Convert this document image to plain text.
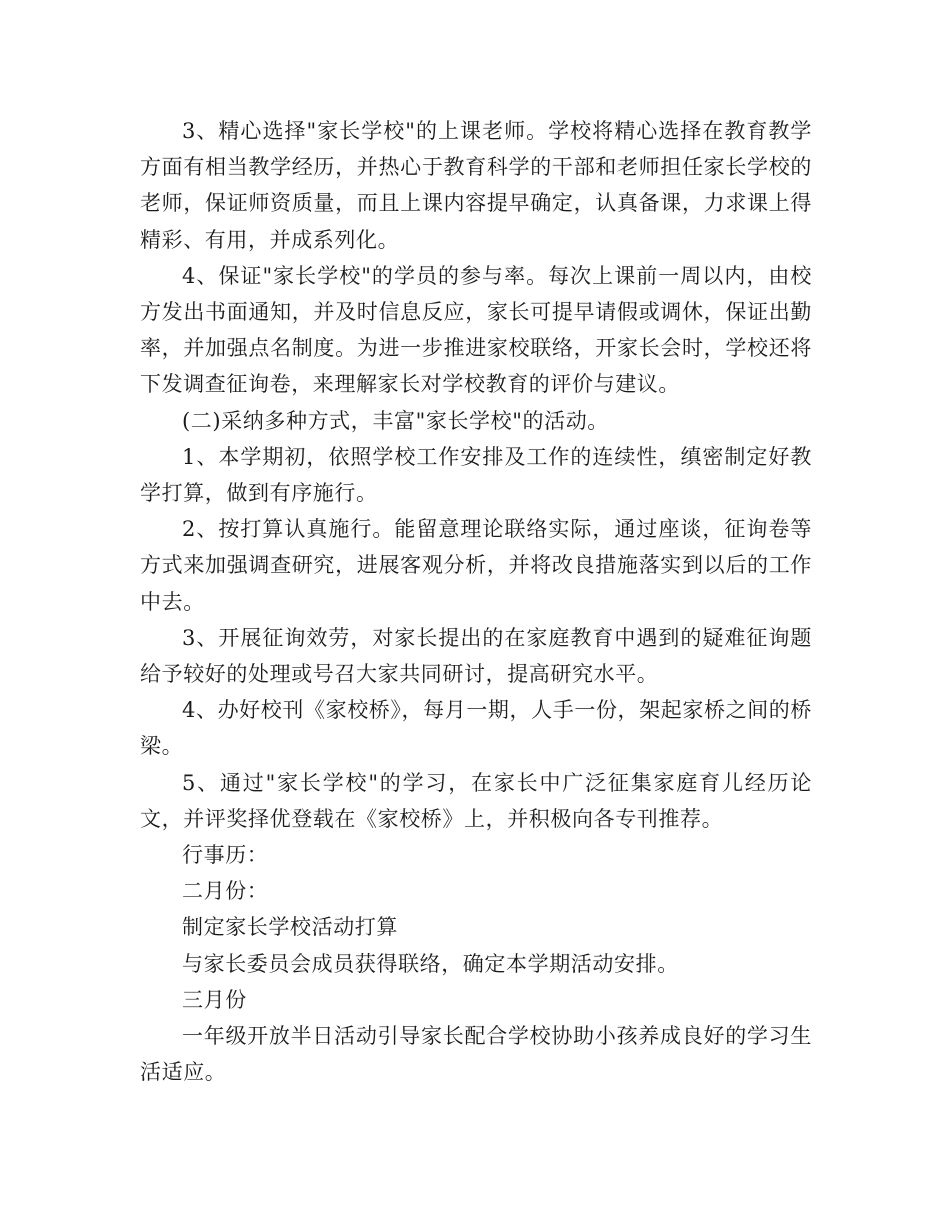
3、精心选择"家长学校"的上课老师。学校将精心选择在教育教学方面有相当教学经历，并热心于教育科学的干部和老师担任家长学校的老师，保证师资质量，而且上课内容提早确定，认真备课，力求课上得精彩、有用，并成系列化。

4、保证"家长学校"的学员的参与率。每次上课前一周以内，由校方发出书面通知，并及时信息反应，家长可提早请假或调休，保证出勤率，并加强点名制度。为进一步推进家校联络，开家长会时，学校还将下发调查征询卷，来理解家长对学校教育的评价与建议。

(二)采纳多种方式，丰富"家长学校"的活动。

1、本学期初，依照学校工作安排及工作的连续性，缜密制定好教学打算，做到有序施行。

2、按打算认真施行。能留意理论联络实际，通过座谈，征询卷等方式来加强调查研究，进展客观分析，并将改良措施落实到以后的工作中去。

3、开展征询效劳，对家长提出的在家庭教育中遇到的疑难征询题给予较好的处理或号召大家共同研讨，提高研究水平。

4、办好校刊《家校桥》，每月一期，人手一份，架起家桥之间的桥梁。

5、通过"家长学校"的学习，在家长中广泛征集家庭育儿经历论文，并评奖择优登载在《家校桥》上，并积极向各专刊推荐。

行事历：

二月份：

制定家长学校活动打算

与家长委员会成员获得联络，确定本学期活动安排。

三月份

一年级开放半日活动引导家长配合学校协助小孩养成良好的学习生活适应。
